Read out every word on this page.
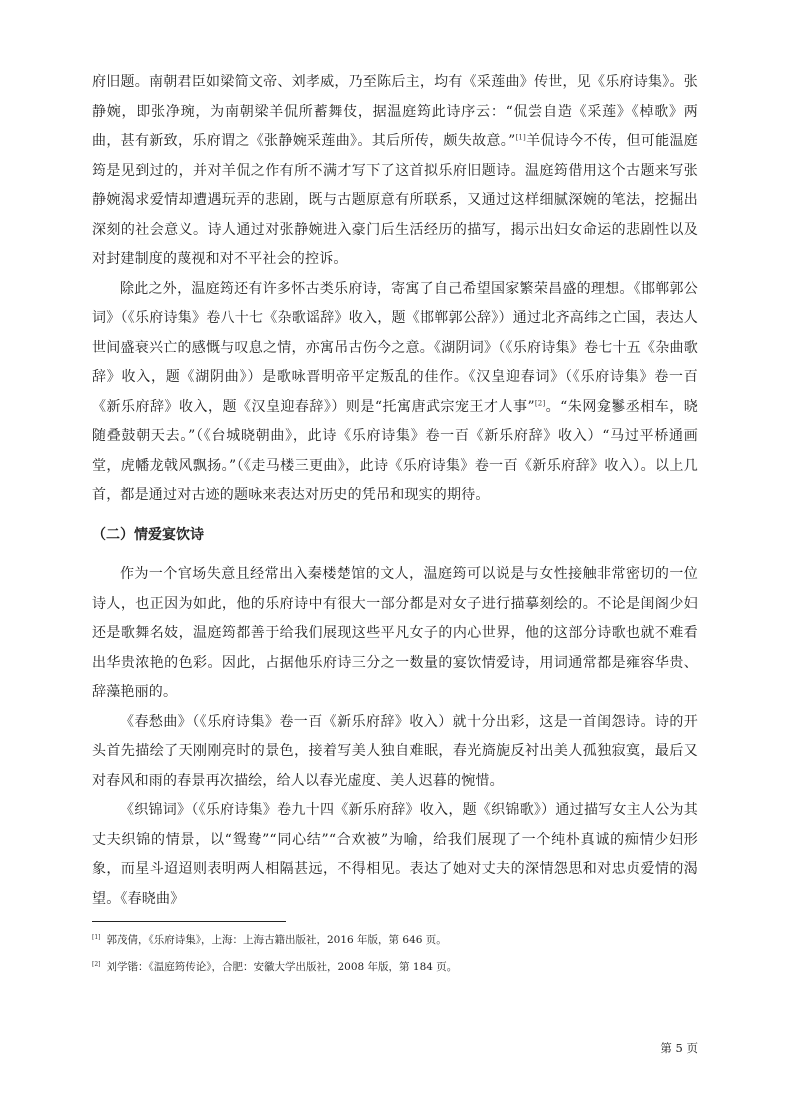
府旧题。南朝君臣如梁简文帝、刘孝威，乃至陈后主，均有《采莲曲》传世，见《乐府诗集》。张静婉，即张净琬，为南朝梁羊侃所蓄舞伎，据温庭筠此诗序云：“侃尝自造《采莲》《棹歌》两曲，甚有新致，乐府谓之《张静婉采莲曲》。其后所传，颇失故意。”[1]羊侃诗今不传，但可能温庭筠是见到过的，并对羊侃之作有所不满才写下了这首拟乐府旧题诗。温庭筠借用这个古题来写张静婉渴求爱情却遭遇玩弄的悲剧，既与古题原意有所联系，又通过这样细腻深婉的笔法，挖掘出深刻的社会意义。诗人通过对张静婉进入豪门后生活经历的描写，揭示出妇女命运的悲剧性以及对封建制度的蔑视和对不平社会的控诉。

除此之外，温庭筠还有许多怀古类乐府诗，寄寓了自己希望国家繁荣昌盛的理想。《邯郸郭公词》（《乐府诗集》卷八十七《杂歌谣辞》收入，题《邯郸郭公辞》）通过北齐高纬之亡国，表达人世间盛衰兴亡的感慨与叹息之情，亦寓吊古伤今之意。《湖阴词》（《乐府诗集》卷七十五《杂曲歌辞》收入，题《湖阴曲》）是歌咏晋明帝平定叛乱的佳作。《汉皇迎春词》（《乐府诗集》卷一百《新乐府辞》收入，题《汉皇迎春辞》）则是“托寓唐武宗宠王才人事”[2]。“朱网龛鬖丞相车，晓随叠鼓朝天去。”（《台城晓朝曲》，此诗《乐府诗集》卷一百《新乐府辞》收入）“马过平桥通画堂，虎幡龙戟风飘扬。”（《走马楼三更曲》，此诗《乐府诗集》卷一百《新乐府辞》收入）。以上几首，都是通过对古迹的题咏来表达对历史的凭吊和现实的期待。

（二）情爱宴饮诗

作为一个官场失意且经常出入秦楼楚馆的文人，温庭筠可以说是与女性接触非常密切的一位诗人，也正因为如此，他的乐府诗中有很大一部分都是对女子进行描摹刻绘的。不论是闺阁少妇还是歌舞名妓，温庭筠都善于给我们展现这些平凡女子的内心世界，他的这部分诗歌也就不难看出华贵浓艳的色彩。因此，占据他乐府诗三分之一数量的宴饮情爱诗，用词通常都是雍容华贵、辞藻艳丽的。

《春愁曲》（《乐府诗集》卷一百《新乐府辞》收入）就十分出彩，这是一首闺怨诗。诗的开头首先描绘了天刚刚亮时的景色，接着写美人独自难眠，春光旖旎反衬出美人孤独寂寞，最后又对春风和雨的春景再次描绘，给人以春光虚度、美人迟暮的惋惜。

《织锦词》（《乐府诗集》卷九十四《新乐府辞》收入，题《织锦歌》）通过描写女主人公为其丈夫织锦的情景，以“鸳鸯”“同心结”“合欢被”为喻，给我们展现了一个纯朴真诚的痴情少妇形象，而星斗迢迢则表明两人相隔甚远，不得相见。表达了她对丈夫的深情怨思和对忠贞爱情的渴望。《春晓曲》

[1] 郭茂倩，《乐府诗集》，上海：上海古籍出版社，2016 年版，第 646 页。
[2] 刘学锴：《温庭筠传论》，合肥：安徽大学出版社，2008 年版，第 184 页。
第 5 页
